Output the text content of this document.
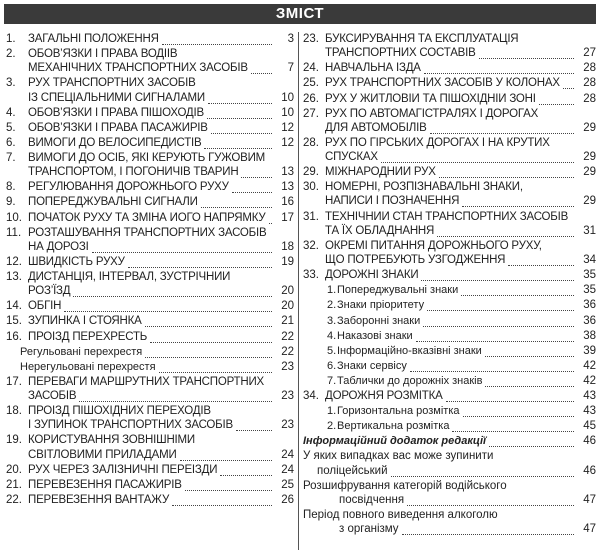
ЗМІСТ
1. ЗАГАЛЬНІ ПОЛОЖЕННЯ	3
2. ОБОВ’ЯЗКИ І ПРАВА ВОДІЇВ
МЕХАНІЧНИХ ТРАНСПОРТНИХ ЗАСОБІВ	7
3. РУХ ТРАНСПОРТНИХ ЗАСОБІВ
ІЗ СПЕЦІАЛЬНИМИ СИГНАЛАМИ	10
4. ОБОВ’ЯЗКИ І ПРАВА ПІШОХОДІВ	10
5. ОБОВ’ЯЗКИ І ПРАВА ПАСАЖИРІВ	12
6. ВИМОГИ ДО ВЕЛОСИПЕДИСТІВ	12
7. ВИМОГИ ДО ОСІБ, ЯКІ КЕРУЮТЬ ГУЖОВИМ
ТРАНСПОРТОМ, І ПОГОНИЧІВ ТВАРИН	13
8. РЕГУЛЮВАННЯ ДОРОЖНЬОГО РУХУ	13
9. ПОПЕРЕДЖУВАЛЬНІ СИГНАЛИ	16
10. ПОЧАТОК РУХУ ТА ЗМІНА ЙОГО НАПРЯМКУ 17
11. РОЗТАШУВАННЯ ТРАНСПОРТНИХ ЗАСОБІВ
НА ДОРОЗІ	18
12. ШВИДКІСТЬ РУХУ	19
13. ДИСТАНЦІЯ, ІНТЕРВАЛ, ЗУСТРІЧНИЙ
РОЗ’ЇЗД	20
14. ОБГІН	20
15. ЗУПИНКА І СТОЯНКА	21
16. ПРОЇЗД ПЕРЕХРЕСТЬ	22
Регульовані перехрестя	22
Нерегульовані перехрестя	23
17. ПЕРЕВАГИ МАРШРУТНИХ ТРАНСПОРТНИХ
ЗАСОБІВ	23
18. ПРОЇЗД ПІШОХІДНИХ ПЕРЕХОДІВ
І ЗУПИНОК ТРАНСПОРТНИХ ЗАСОБІВ	23
19. КОРИСТУВАННЯ ЗОВНІШНІМИ
СВІТЛОВИМИ ПРИЛАДАМИ	24
20. РУХ ЧЕРЕЗ ЗАЛІЗНИЧНІ ПЕРЕЇЗДИ	24
21. ПЕРЕВЕЗЕННЯ ПАСАЖИРІВ	25
22. ПЕРЕВЕЗЕННЯ ВАНТАЖУ	26
23. БУКСИРУВАННЯ ТА ЕКСПЛУАТАЦІЯ
ТРАНСПОРТНИХ СОСТАВІВ	27
24. НАВЧАЛЬНА ЇЗДА	28
25. РУХ ТРАНСПОРТНИХ ЗАСОБІВ У КОЛОНАХ 28
26. РУХ У ЖИТЛОВІЙ ТА ПІШОХІДНІЙ ЗОНІ	28
27. РУХ ПО АВТОМАГІСТРАЛЯХ І ДОРОГАХ
ДЛЯ АВТОМОБІЛІВ	29
28. РУХ ПО ГІРСЬКИХ ДОРОГАХ І НА КРУТИХ
СПУСКАХ	29
29. МІЖНАРОДНИЙ РУХ	29
30. НОМЕРНІ, РОЗПІЗНАВАЛЬНІ ЗНАКИ,
НАПИСИ І ПОЗНАЧЕННЯ	29
31. ТЕХНІЧНИЙ СТАН ТРАНСПОРТНИХ ЗАСОБІВ
ТА ЇХ ОБЛАДНАННЯ	31
32. ОКРЕМІ ПИТАННЯ ДОРОЖНЬОГО РУХУ,
ЩО ПОТРЕБУЮТЬ УЗГОДЖЕННЯ	34
33. ДОРОЖНІ ЗНАКИ	35
1. Попереджувальні знаки	35
2. Знаки пріоритету	36
3. Заборонні знаки	36
4. Наказові знаки	38
5. Інформаційно-вказівні знаки	39
6. Знаки сервісу	42
7. Таблички до дорожніх знаків	42
34. ДОРОЖНЯ РОЗМІТКА	43
1. Горизонтальна розмітка	43
2. Вертикальна розмітка	45
Інформаційний додаток редакції	46
У яких випадках вас може зупинити
поліцейський	46
Розшифрування категорій водійського
посвідчення	47
Період повного виведення алкоголю
з організму	47
